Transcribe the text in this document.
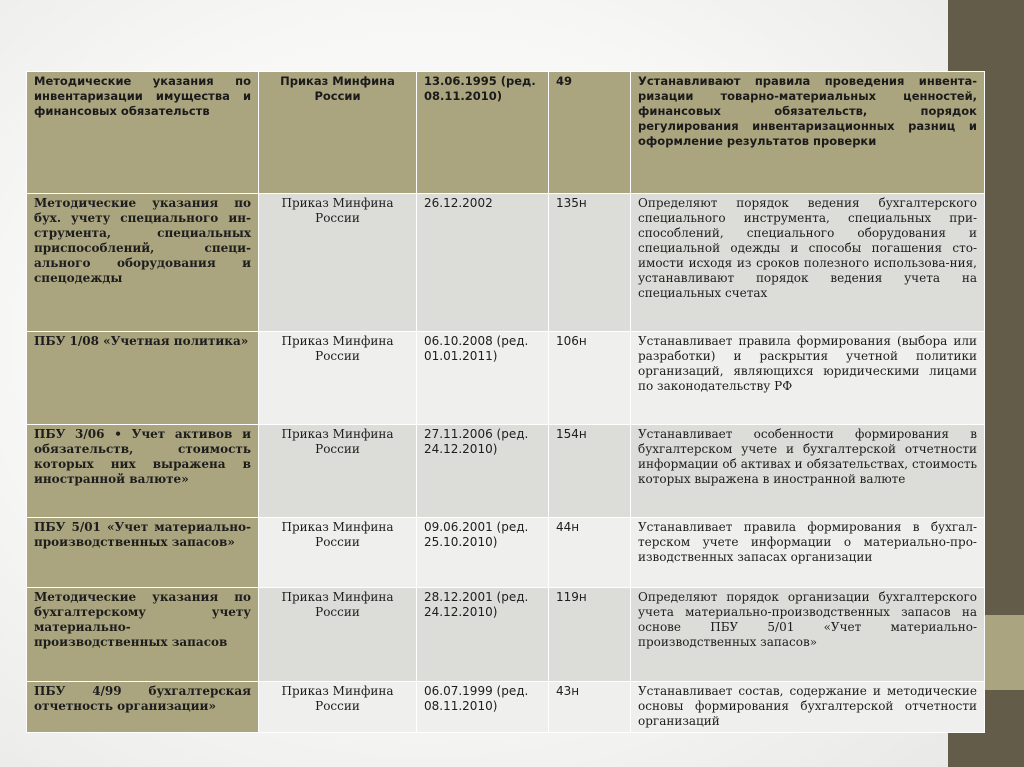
Методические указания по инвентаризации имущества и финансовых обязательств	Приказ Минфина России	13.06.1995 (ред. 08.11.2010)	49	Устанавливают правила проведения инвента-ризации товарно-материальных ценностей, финансовых обязательств, порядок регулирования инвентаризационных разниц и оформление результатов проверки
Методические указания по бух. учету специального ин-струмента, специальных приспособлений, специ-ального оборудования и спецодежды	Приказ Минфина России	26.12.2002	135н	Определяют порядок ведения бухгалтерского специального инструмента, специальных при-способлений, специального оборудования и специальной одежды и способы погашения сто-имости исходя из сроков полезного использова-ния, устанавливают порядок ведения учета на специальных счетах
ПБУ 1/08 «Учетная политика»	Приказ Минфина России	06.10.2008 (ред. 01.01.2011)	106н	Устанавливает правила формирования (выбора или разработки) и раскрытия учетной политики организаций, являющихся юридическими лицами по законодательству РФ
ПБУ 3/06 • Учет активов и обязательств, стоимость которых них выражена в иностранной валюте»	Приказ Минфина России	27.11.2006 (ред. 24.12.2010)	154н	Устанавливает особенности формирования в бухгалтерском учете и бухгалтерской отчетности информации об активах и обязательствах, стоимость которых выражена в иностранной валюте
ПБУ 5/01 «Учет материально-производственных запасов»	Приказ Минфина России	09.06.2001 (ред. 25.10.2010)	44н	Устанавливает правила формирования в бухгал-терском учете информации о материально-про-изводственных запасах организации
Методические указания по бухгалтерскому учету материально-производственных запасов	Приказ Минфина России	28.12.2001 (ред. 24.12.2010)	119н	Определяют порядок организации бухгалтерского учета материально-производственных запасов на основе ПБУ 5/01 «Учет материально-производственных запасов»
ПБУ 4/99 бухгалтерская отчетность организации»	Приказ Минфина России	06.07.1999 (ред. 08.11.2010)	43н	Устанавливает состав, содержание и методические основы формирования бухгалтерской отчетности организаций
